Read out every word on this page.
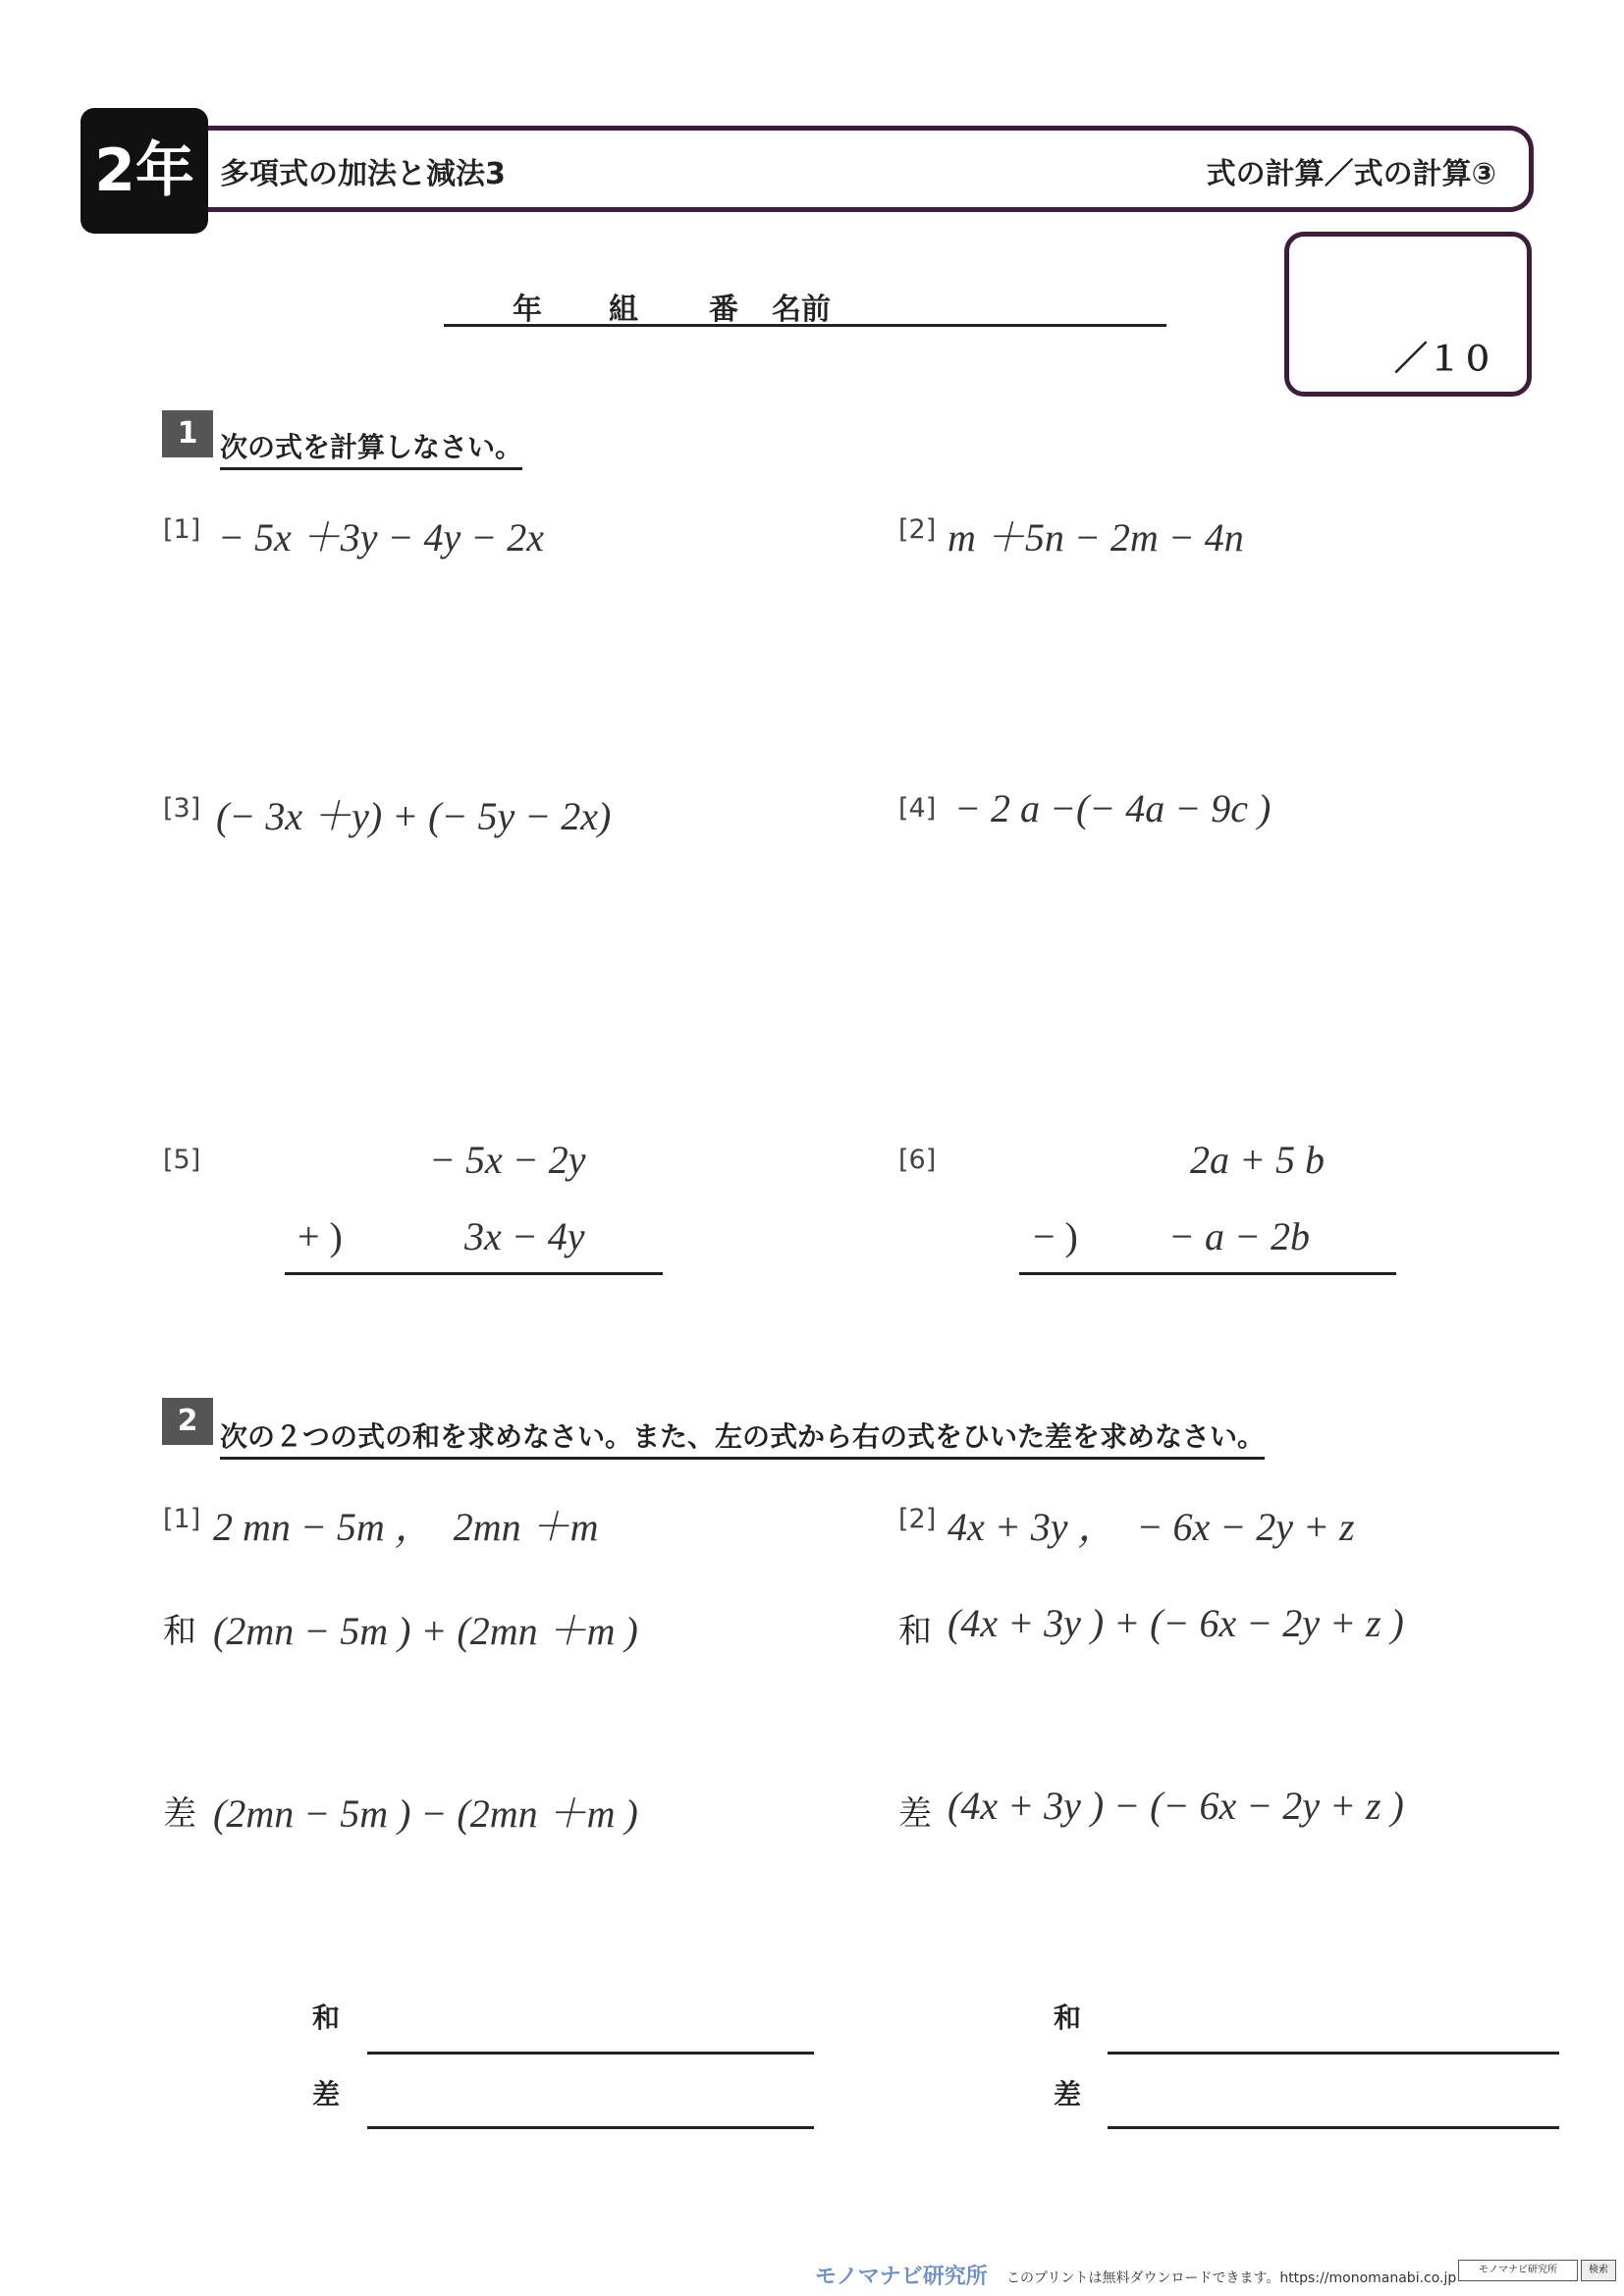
2年 多項式の加法と減法3	式の計算／式の計算③
／１０
年 組 番 名前
1 次の式を計算しなさい。
[1] − 5x ＋3y − 4y − 2x	[2] m ＋5n − 2m − 4n
[3] (− 3x ＋y) + (− 5y − 2x)	[4] − 2 a −(− 4a − 9c )
[5]	− 5x − 2y
+ )	3x − 4y
[6]	2a + 5 b
− ) − a − 2b
2 次の２つの式の和を求めなさい。また、左の式から右の式をひいた差を求めなさい。
[1] 2 mn − 5m ，  2mn ＋m
和 (2mn − 5m ) + (2mn ＋m )
差 (2mn − 5m ) − (2mn ＋m )
[2] 4x + 3y ，  − 6x − 2y + z
和 (4x + 3y ) + (− 6x − 2y + z )
差 (4x + 3y ) − (− 6x − 2y + z )
和
差
和
差
モノマナビ研究所 このプリントは無料ダウンロードできます。https://monomanabi.co.jp
モノマナビ研究所	検索
